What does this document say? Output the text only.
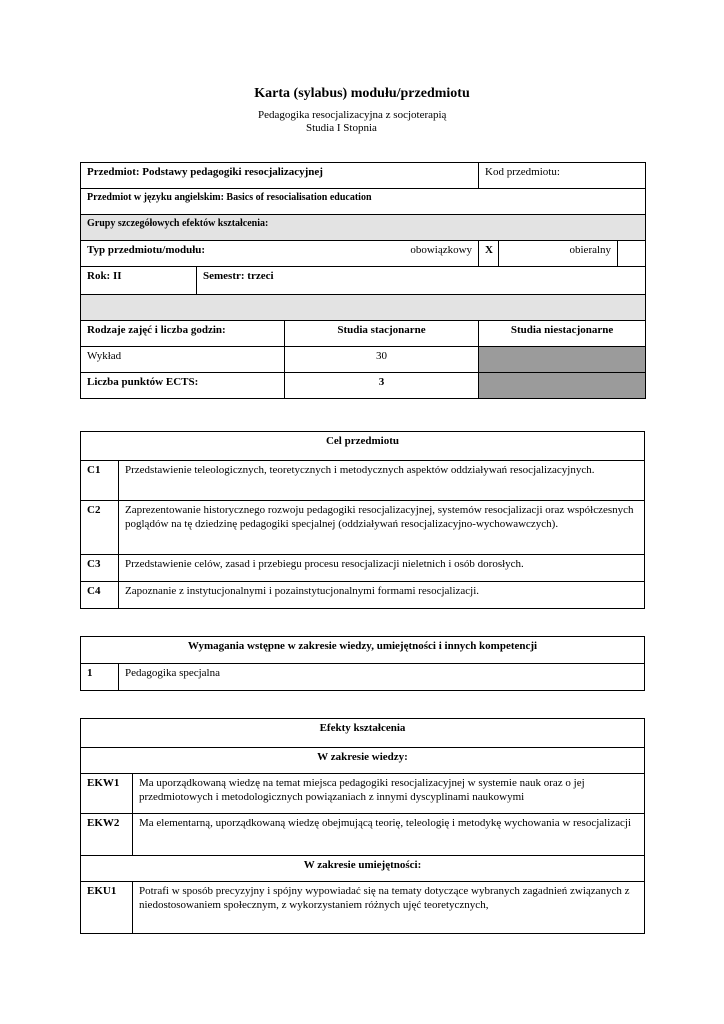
Karta (sylabus) modułu/przedmiotu
Pedagogika resocjalizacyjna z socjoterapią
Studia I Stopnia
Przedmiot: Podstawy pedagogiki resocjalizacyjnej			Kod przedmiotu:		
Przedmiot w języku angielskim: Basics of resocialisation education					
Grupy szczegółowych efektów kształcenia:					
Typ przedmiotu/modułu:		obowiązkowy	X	obieralny	
Rok: II	Semestr: trzeci				

Rodzaje zajęć i liczba godzin:		Studia stacjonarne	Studia niestacjonarne		
Wykład		30			
Liczba punktów ECTS:		3			
Cel przedmiotu	
C1	Przedstawienie teleologicznych, teoretycznych i metodycznych aspektów oddziaływań resocjalizacyjnych.
C2	Zaprezentowanie historycznego rozwoju pedagogiki resocjalizacyjnej, systemów resocjalizacji oraz współczesnych poglądów na tę dziedzinę pedagogiki specjalnej (oddziaływań resocjalizacyjno-wychowawczych).
C3	Przedstawienie celów, zasad i przebiegu procesu resocjalizacji nieletnich i osób dorosłych.
C4	Zapoznanie z instytucjonalnymi i pozainstytucjonalnymi formami resocjalizacji.
Wymagania wstępne w zakresie wiedzy, umiejętności i innych kompetencji
1	Pedagogika specjalna
Efekty kształcenia	
W zakresie wiedzy:	
EKW1	Ma uporządkowaną wiedzę na temat miejsca pedagogiki resocjalizacyjnej w systemie nauk oraz o jej przedmiotowych i metodologicznych powiązaniach z innymi dyscyplinami naukowymi
EKW2	Ma elementarną, uporządkowaną wiedzę obejmującą teorię, teleologię i metodykę wychowania w resocjalizacji
W zakresie umiejętności:	
EKU1	Potrafi w sposób precyzyjny i spójny wypowiadać się na tematy dotyczące wybranych zagadnień związanych z niedostosowaniem społecznym, z wykorzystaniem różnych ujęć teoretycznych,
